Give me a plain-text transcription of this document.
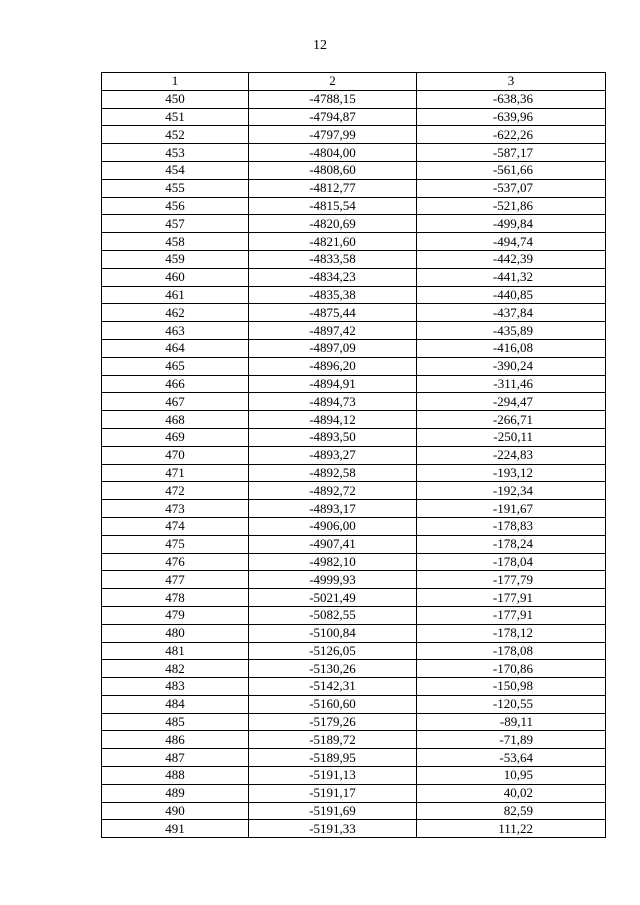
12
1	2	3
450	-4788,15	-638,36
451	-4794,87	-639,96
452	-4797,99	-622,26
453	-4804,00	-587,17
454	-4808,60	-561,66
455	-4812,77	-537,07
456	-4815,54	-521,86
457	-4820,69	-499,84
458	-4821,60	-494,74
459	-4833,58	-442,39
460	-4834,23	-441,32
461	-4835,38	-440,85
462	-4875,44	-437,84
463	-4897,42	-435,89
464	-4897,09	-416,08
465	-4896,20	-390,24
466	-4894,91	-311,46
467	-4894,73	-294,47
468	-4894,12	-266,71
469	-4893,50	-250,11
470	-4893,27	-224,83
471	-4892,58	-193,12
472	-4892,72	-192,34
473	-4893,17	-191,67
474	-4906,00	-178,83
475	-4907,41	-178,24
476	-4982,10	-178,04
477	-4999,93	-177,79
478	-5021,49	-177,91
479	-5082,55	-177,91
480	-5100,84	-178,12
481	-5126,05	-178,08
482	-5130,26	-170,86
483	-5142,31	-150,98
484	-5160,60	-120,55
485	-5179,26	-89,11
486	-5189,72	-71,89
487	-5189,95	-53,64
488	-5191,13	10,95
489	-5191,17	40,02
490	-5191,69	82,59
491	-5191,33	111,22
